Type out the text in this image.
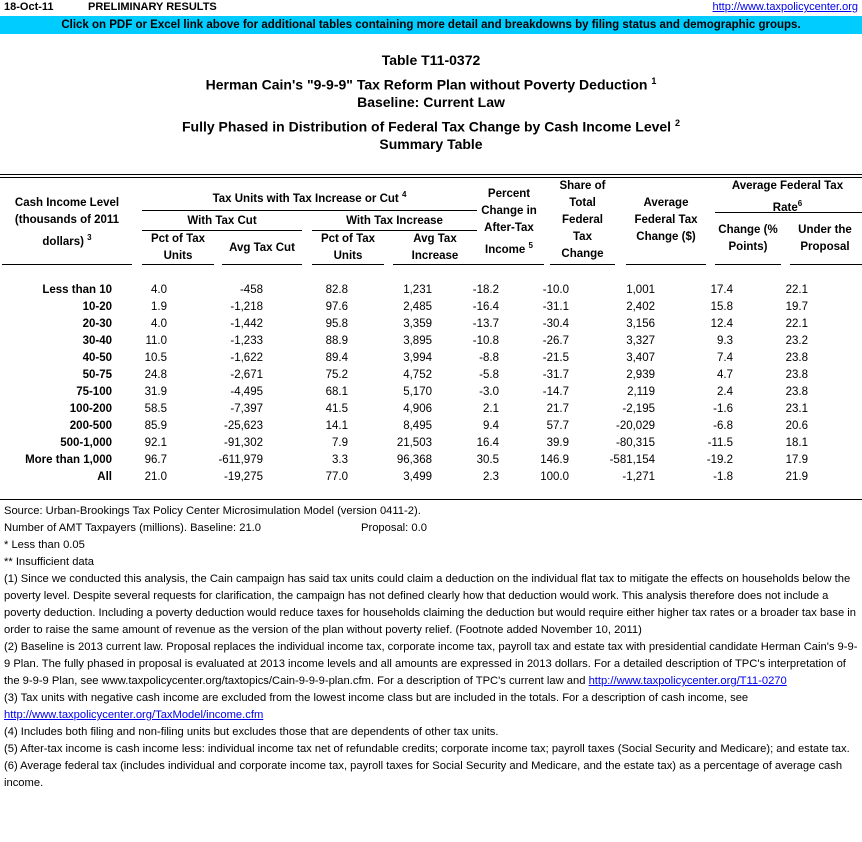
18-Oct-11	PRELIMINARY RESULTS	http://www.taxpolicycenter.org
Click on PDF or Excel link above for additional tables containing more detail and breakdowns by filing status and demographic groups.
Table T11-0372
Herman Cain's "9-9-9" Tax Reform Plan without Poverty Deduction $^1$
Baseline: Current Law
Fully Phased in Distribution of Federal Tax Change by Cash Income Level $^2$
Summary Table
Cash Income Level
(thousands of 2011
dollars) $^3$
Tax Units with Tax Increase or Cut $^4$
With Tax Cut	With Tax Increase
Pct of Tax
Units
Avg Tax Cut
Pct of Tax
Units
Avg Tax
Increase
Percent
Change in
After-Tax
Income $^5$
Share of
Total
Federal
Tax
Change
Average
Federal Tax
Change ($)
Average Federal Tax
Rate$^6$
Change (%
Points)
Under the
Proposal
Less than 10	4.0	-458	82.8	1,231	-18.2	-10.0	1,001	17.4	22.1
10-20	1.9	-1,218	97.6	2,485	-16.4	-31.1	2,402	15.8	19.7
20-30	4.0	-1,442	95.8	3,359	-13.7	-30.4	3,156	12.4	22.1
30-40	11.0	-1,233	88.9	3,895	-10.8	-26.7	3,327	9.3	23.2
40-50	10.5	-1,622	89.4	3,994	-8.8	-21.5	3,407	7.4	23.8
50-75	24.8	-2,671	75.2	4,752	-5.8	-31.7	2,939	4.7	23.8
75-100	31.9	-4,495	68.1	5,170	-3.0	-14.7	2,119	2.4	23.8
100-200	58.5	-7,397	41.5	4,906	2.1	21.7	-2,195	-1.6	23.1
200-500	85.9	-25,623	14.1	8,495	9.4	57.7	-20,029	-6.8	20.6
500-1,000	92.1	-91,302	7.9	21,503	16.4	39.9	-80,315	-11.5	18.1
More than 1,000	96.7	-611,979	3.3	96,368	30.5	146.9	-581,154	-19.2	17.9
All	21.0	-19,275	77.0	3,499	2.3	100.0	-1,271	-1.8	21.9
Source: Urban-Brookings Tax Policy Center Microsimulation Model (version 0411-2).
Number of AMT Taxpayers (millions). Baseline: 21.0	Proposal: 0.0
* Less than 0.05
** Insufficient data
(1) Since we conducted this analysis, the Cain campaign has said tax units could claim a deduction on the individual flat tax to mitigate the effects on households below the poverty level. Despite several requests for clarification, the campaign has not defined clearly how that deduction would work. This analysis therefore does not include a poverty deduction. Including a poverty deduction would reduce taxes for households claiming the deduction but would require either higher tax rates or a broader tax base in order to raise the same amount of revenue as the version of the plan without poverty relief. (Footnote added November 10, 2011)
(2) Baseline is 2013 current law. Proposal replaces the individual income tax, corporate income tax, payroll tax and estate tax with presidential candidate Herman Cain's 9-9-9 Plan. The fully phased in proposal is evaluated at 2013 income levels and all amounts are expressed in 2013 dollars. For a detailed description of TPC's interpretation of the 9-9-9 Plan, see www.taxpolicycenter.org/taxtopics/Cain-9-9-9-plan.cfm. For a description of TPC's current law and http://www.taxpolicycenter.org/T11-0270
(3) Tax units with negative cash income are excluded from the lowest income class but are included in the totals. For a description of cash income, see http://www.taxpolicycenter.org/TaxModel/income.cfm
(4) Includes both filing and non-filing units but excludes those that are dependents of other tax units.
(5) After-tax income is cash income less: individual income tax net of refundable credits; corporate income tax; payroll taxes (Social Security and Medicare); and estate tax.
(6) Average federal tax (includes individual and corporate income tax, payroll taxes for Social Security and Medicare, and the estate tax) as a percentage of average cash income.
